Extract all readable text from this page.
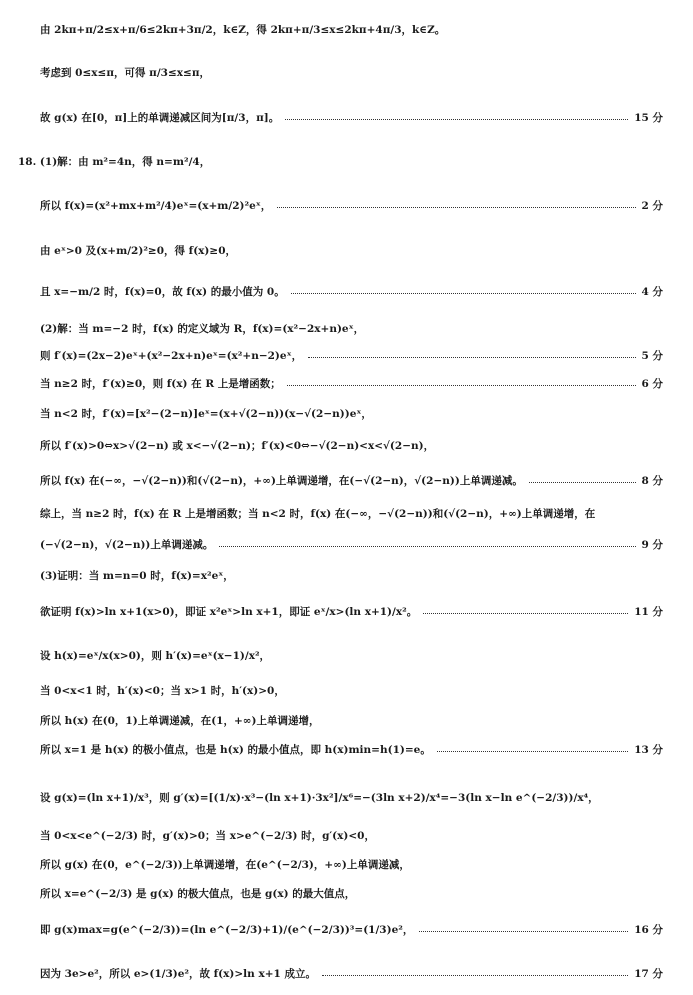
由 2kπ+π/2≤x+π/6≤2kπ+3π/2，k∈Z，得 2kπ+π/3≤x≤2kπ+4π/3，k∈Z。
考虑到 0≤x≤π，可得 π/3≤x≤π，
故 g(x) 在[0，π]上的单调递减区间为[π/3，π]。	15 分
18. (1)解：由 m²=4n，得 n=m²/4，
所以 f(x)=(x²+mx+m²/4)eˣ=(x+m/2)²eˣ，	2 分
由 eˣ>0 及(x+m/2)²≥0，得 f(x)≥0，
且 x=−m/2 时，f(x)=0，故 f(x) 的最小值为 0。	4 分
(2)解：当 m=−2 时，f(x) 的定义域为 R，f(x)=(x²−2x+n)eˣ，
则 f′(x)=(2x−2)eˣ+(x²−2x+n)eˣ=(x²+n−2)eˣ，	5 分
当 n≥2 时，f′(x)≥0，则 f(x) 在 R 上是增函数；	6 分
当 n<2 时，f′(x)=[x²−(2−n)]eˣ=(x+√(2−n))(x−√(2−n))eˣ，
所以 f′(x)>0⇔x>√(2−n) 或 x<−√(2−n)；f′(x)<0⇔−√(2−n)<x<√(2−n)，
所以 f(x) 在(−∞，−√(2−n))和(√(2−n)，+∞)上单调递增，在(−√(2−n)，√(2−n))上单调递减。	8 分
综上，当 n≥2 时，f(x) 在 R 上是增函数；当 n<2 时，f(x) 在(−∞，−√(2−n))和(√(2−n)，+∞)上单调递增，在
(−√(2−n)，√(2−n))上单调递减。	9 分
(3)证明：当 m=n=0 时，f(x)=x²eˣ，
欲证明 f(x)>ln x+1(x>0)，即证 x²eˣ>ln x+1，即证 eˣ/x>(ln x+1)/x²。	11 分
设 h(x)=eˣ/x(x>0)，则 h′(x)=eˣ(x−1)/x²，
当 0<x<1 时，h′(x)<0；当 x>1 时，h′(x)>0，
所以 h(x) 在(0，1)上单调递减，在(1，+∞)上单调递增，
所以 x=1 是 h(x) 的极小值点，也是 h(x) 的最小值点，即 h(x)min=h(1)=e。	13 分
设 g(x)=(ln x+1)/x³，则 g′(x)=[(1/x)·x³−(ln x+1)·3x²]/x⁶=−(3ln x+2)/x⁴=−3(ln x−ln e^(−2/3))/x⁴，
当 0<x<e^(−2/3) 时，g′(x)>0；当 x>e^(−2/3) 时，g′(x)<0，
所以 g(x) 在(0，e^(−2/3))上单调递增，在(e^(−2/3)，+∞)上单调递减，
所以 x=e^(−2/3) 是 g(x) 的极大值点，也是 g(x) 的最大值点，
即 g(x)max=g(e^(−2/3))=(ln e^(−2/3)+1)/(e^(−2/3))³=(1/3)e²，	16 分
因为 3e>e²，所以 e>(1/3)e²，故 f(x)>ln x+1 成立。	17 分
